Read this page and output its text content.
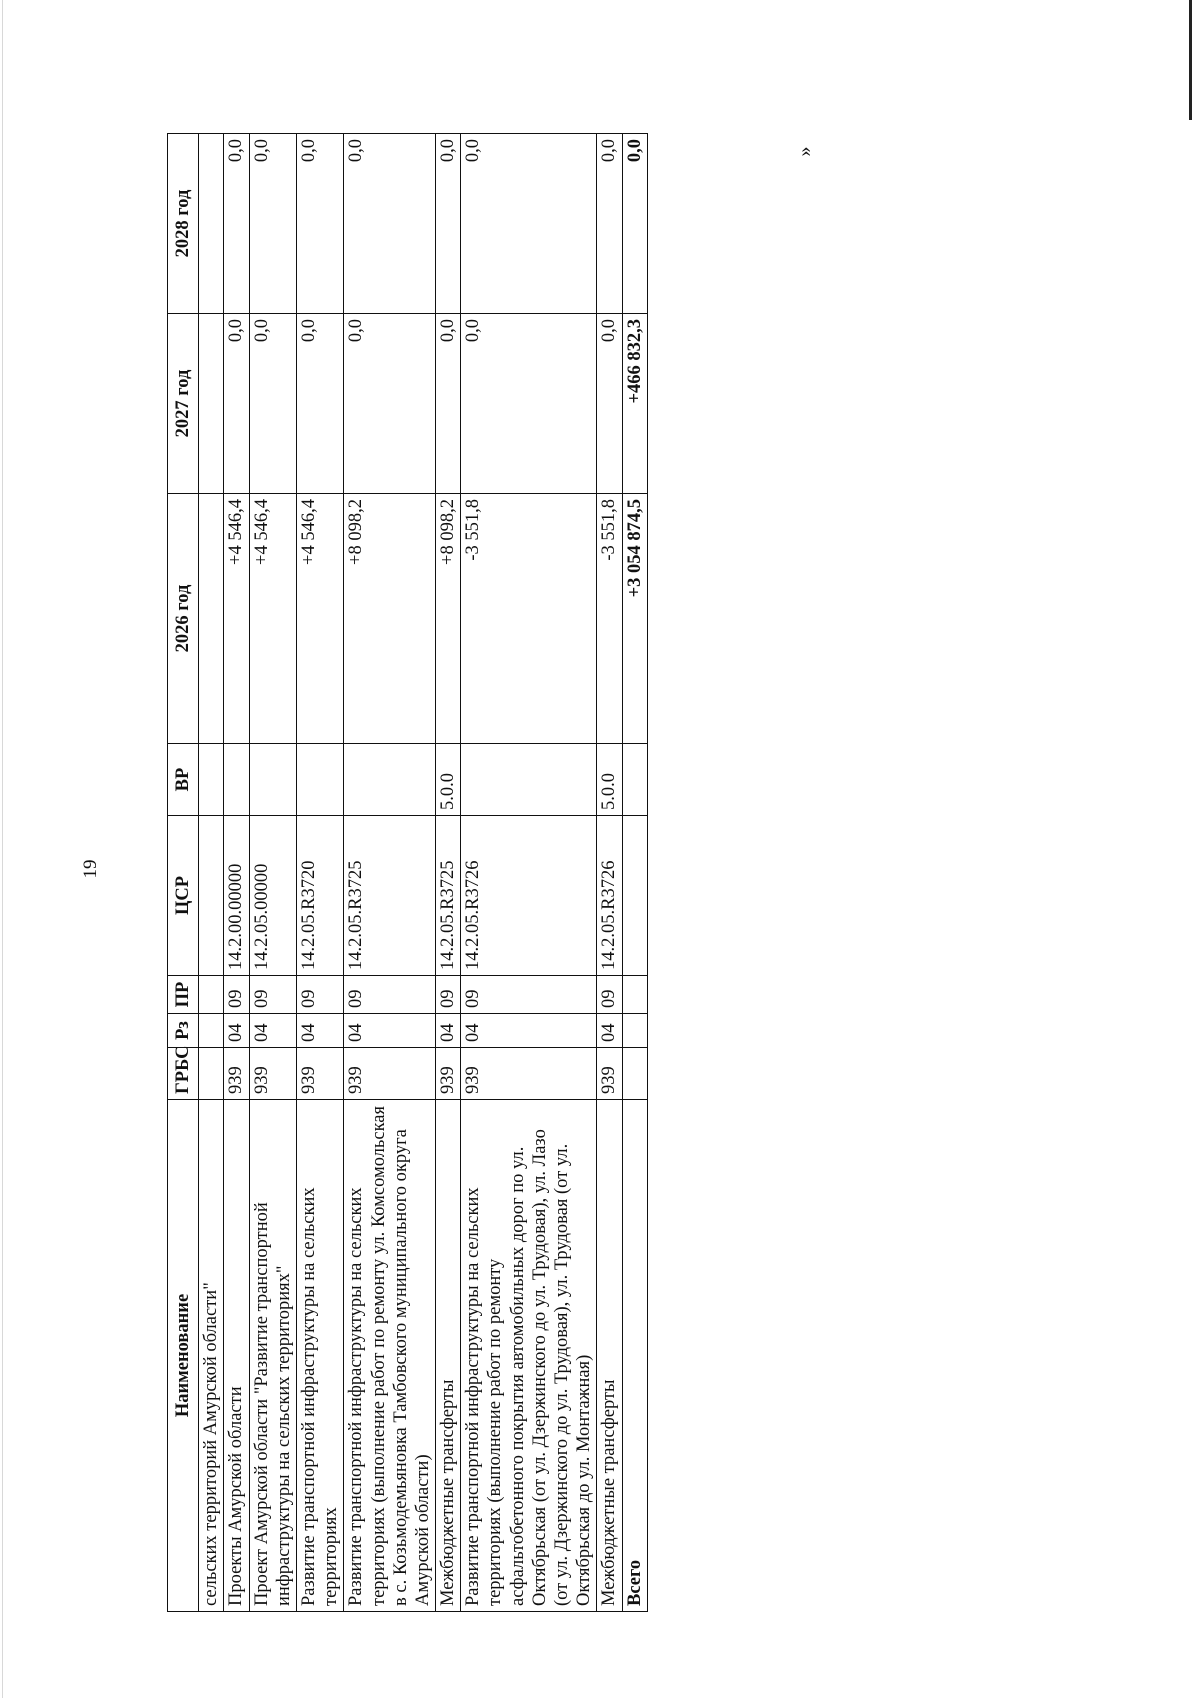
19
Наименование	ГРБС	Рз	ПР	ЦСР	ВР	2026 год	2027 год	2028 год
сельских территорий Амурской области"								
Проекты Амурской области	939	04	09	14.2.00.00000		+4 546,4	0,0	0,0
Проект Амурской области "Развитие транспортной инфраструктуры на сельских территориях"	939	04	09	14.2.05.00000		+4 546,4	0,0	0,0
Развитие транспортной инфраструктуры на сельских территориях	939	04	09	14.2.05.R3720		+4 546,4	0,0	0,0
Развитие транспортной инфраструктуры на сельских территориях (выполнение работ по ремонту ул. Комсомольская в с. Козьмодемьяновка Тамбовского муниципального округа Амурской области)	939	04	09	14.2.05.R3725		+8 098,2	0,0	0,0
Межбюджетные трансферты	939	04	09	14.2.05.R3725	5.0.0	+8 098,2	0,0	0,0
Развитие транспортной инфраструктуры на сельских территориях (выполнение работ по ремонту асфальтобетонного покрытия автомобильных дорог по ул. Октябрьская (от ул. Дзержинского до ул. Трудовая), ул. Лазо (от ул. Дзержинского до ул. Трудовая), ул. Трудовая (от ул. Октябрьская до ул. Монтажная)	939	04	09	14.2.05.R3726		-3 551,8	0,0	0,0
Межбюджетные трансферты	939	04	09	14.2.05.R3726	5.0.0	-3 551,8	0,0	0,0
Всего						+3 054 874,5	+466 832,3	0,0	»
